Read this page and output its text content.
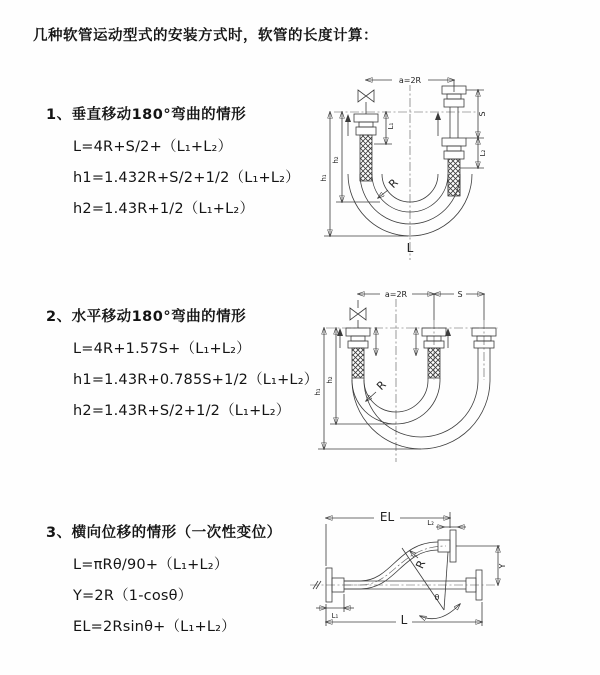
几种软管运动型式的安装方式时，软管的长度计算：
1、垂直移动180°弯曲的情形
L=4R+S/2+（L₁+L₂）
h1=1.432R+S/2+1/2（L₁+L₂）
h2=1.43R+1/2（L₁+L₂）
2、水平移动180°弯曲的情形
L=4R+1.57S+（L₁+L₂）
h1=1.43R+0.785S+1/2（L₁+L₂）
h2=1.43R+S/2+1/2（L₁+L₂）
3、横向位移的情形（一次性变位）
L=πRθ/90+（L₁+L₂）
Y=2R（1-cosθ）
EL=2Rsinθ+（L₁+L₂）
a=2R
L₁
S
L₂
h₁
h₂
R
L
a=2R	S
h₁
h₂	R
EL	L₂
Y
R
θ
L₁	L
